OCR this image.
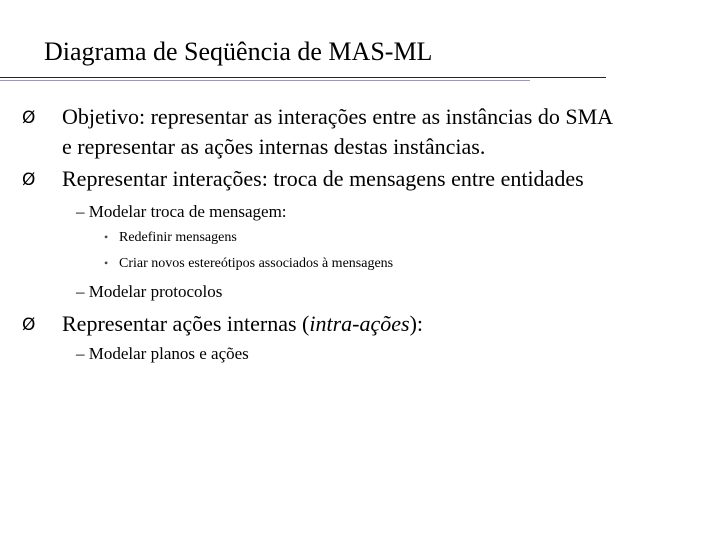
Diagrama de Seqüência de MAS-ML
Ø Objetivo: representar as interações entre as instâncias do SMA
e representar as ações internas destas instâncias.
Ø Representar interações: troca de mensagens entre entidades
– Modelar troca de mensagem:
• Redefinir mensagens
• Criar novos estereótipos associados à mensagens
– Modelar protocolos
Ø Representar ações internas (intra-ações):
– Modelar planos e ações
